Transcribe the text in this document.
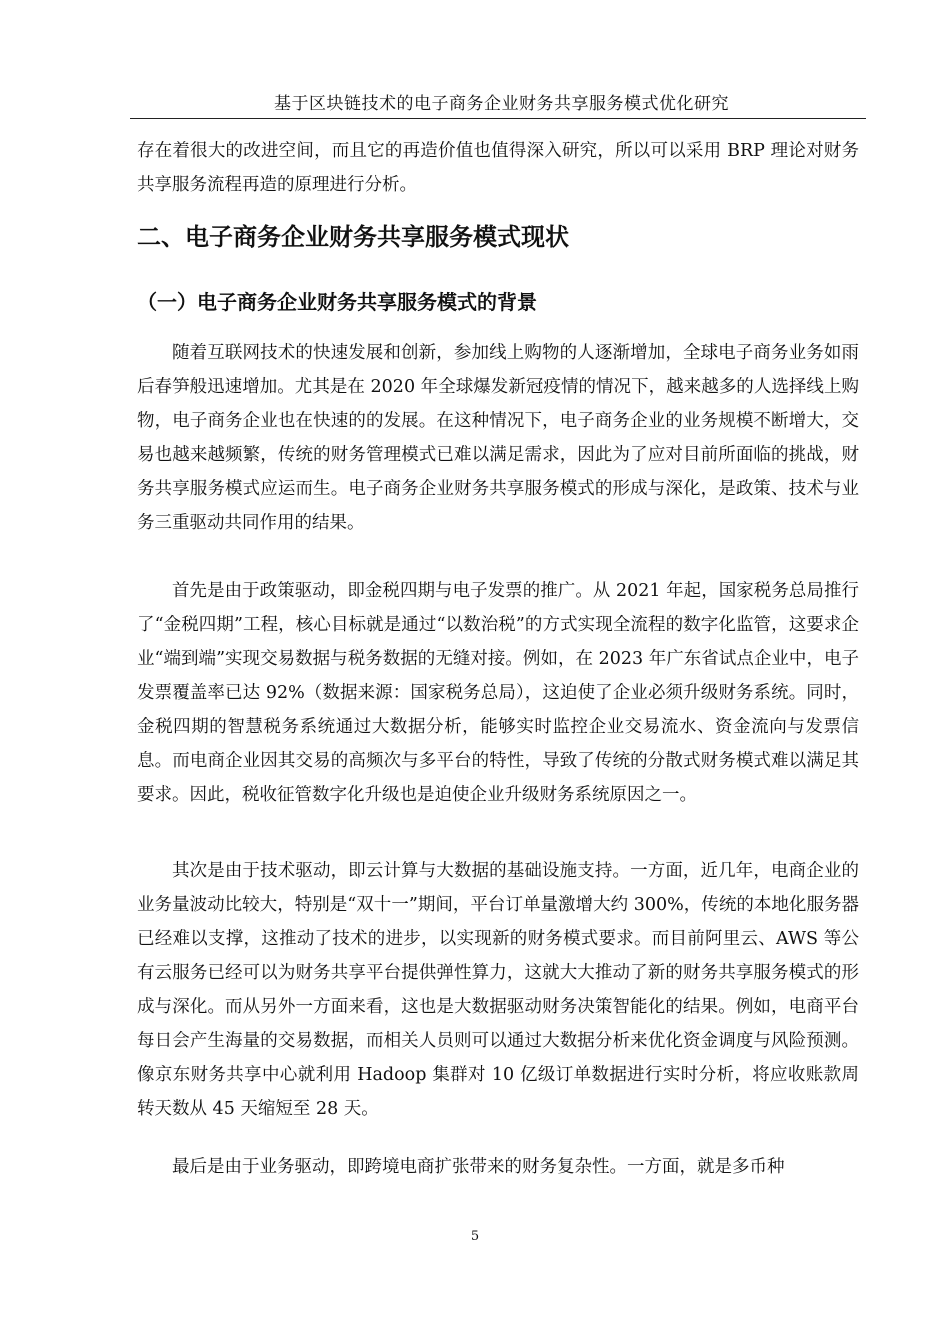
基于区块链技术的电子商务企业财务共享服务模式优化研究

存在着很大的改进空间，而且它的再造价值也值得深入研究，所以可以采用 BRP 理论对财务共享服务流程再造的原理进行分析。

二、电子商务企业财务共享服务模式现状
（一）电子商务企业财务共享服务模式的背景

随着互联网技术的快速发展和创新，参加线上购物的人逐渐增加，全球电子商务业务如雨后春笋般迅速增加。尤其是在 2020 年全球爆发新冠疫情的情况下，越来越多的人选择线上购物，电子商务企业也在快速的的发展。在这种情况下，电子商务企业的业务规模不断增大，交易也越来越频繁，传统的财务管理模式已难以满足需求，因此为了应对目前所面临的挑战，财务共享服务模式应运而生。电子商务企业财务共享服务模式的形成与深化，是政策、技术与业务三重驱动共同作用的结果。

首先是由于政策驱动，即金税四期与电子发票的推广。从 2021 年起，国家税务总局推行了“金税四期”工程，核心目标就是通过“以数治税”的方式实现全流程的数字化监管，这要求企业“端到端”实现交易数据与税务数据的无缝对接。例如，在 2023 年广东省试点企业中，电子发票覆盖率已达 92%（数据来源：国家税务总局），这迫使了企业必须升级财务系统。同时，金税四期的智慧税务系统通过大数据分析，能够实时监控企业交易流水、资金流向与发票信息。而电商企业因其交易的高频次与多平台的特性，导致了传统的分散式财务模式难以满足其要求。因此，税收征管数字化升级也是迫使企业升级财务系统原因之一。

其次是由于技术驱动，即云计算与大数据的基础设施支持。一方面，近几年，电商企业的业务量波动比较大，特别是“双十一”期间，平台订单量激增大约 300%，传统的本地化服务器已经难以支撑，这推动了技术的进步，以实现新的财务模式要求。而目前阿里云、AWS 等公有云服务已经可以为财务共享平台提供弹性算力，这就大大推动了新的财务共享服务模式的形成与深化。而从另外一方面来看，这也是大数据驱动财务决策智能化的结果。例如，电商平台每日会产生海量的交易数据，而相关人员则可以通过大数据分析来优化资金调度与风险预测。像京东财务共享中心就利用 Hadoop 集群对 10 亿级订单数据进行实时分析，将应收账款周转天数从 45 天缩短至 28 天。

最后是由于业务驱动，即跨境电商扩张带来的财务复杂性。一方面，就是多币种

5
